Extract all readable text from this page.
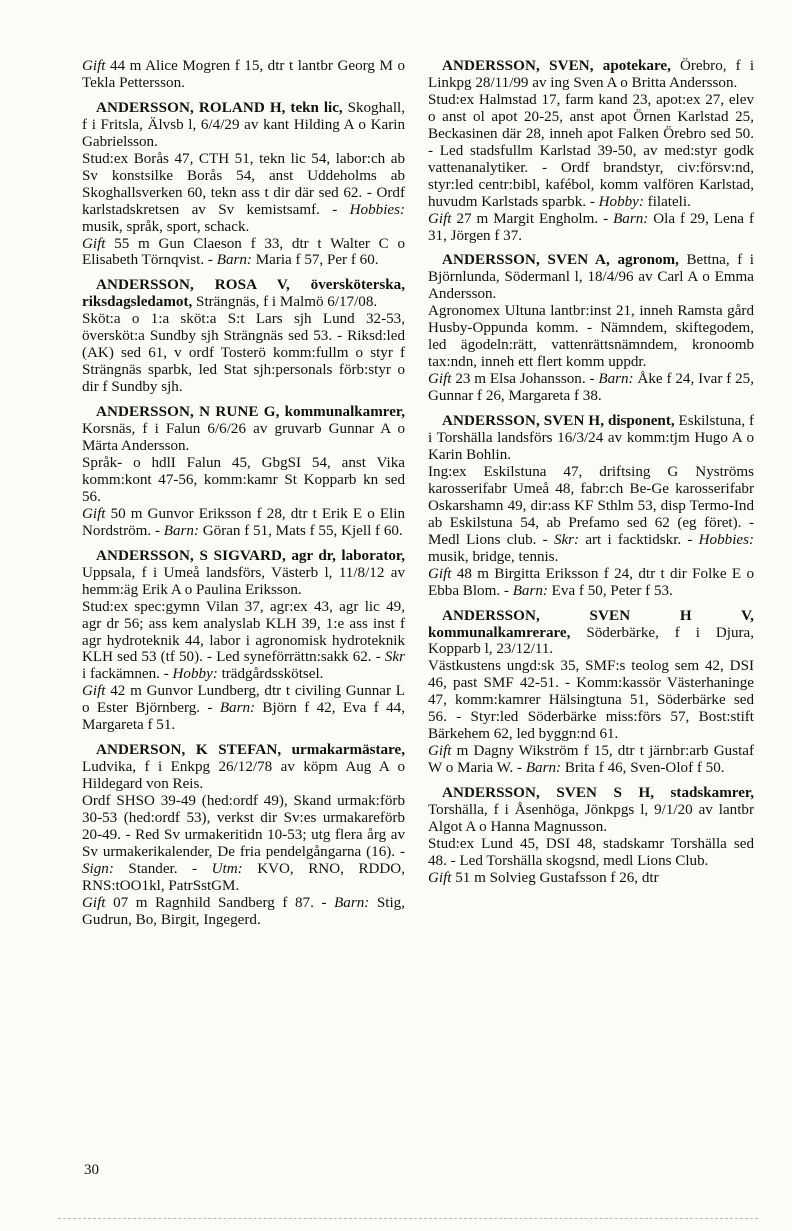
Gift 44 m Alice Mogren f 15, dtr t lantbr Georg M o Tekla Pettersson.

ANDERSSON, ROLAND H, tekn lic, Skoghall, f i Fritsla, Älvsb l, 6/4/29 av kant Hilding A o Karin Gabrielsson.

Stud:ex Borås 47, CTH 51, tekn lic 54, labor:ch ab Sv konstsilke Borås 54, anst Uddeholms ab Skoghallsverken 60, tekn ass t dir där sed 62. - Ordf karlstadskretsen av Sv kemistsamf. - Hobbies: musik, språk, sport, schack.

Gift 55 m Gun Claeson f 33, dtr t Walter C o Elisabeth Törnqvist. - Barn: Maria f 57, Per f 60.

ANDERSSON, ROSA V, översköterska, riksdagsledamot, Strängnäs, f i Malmö 6/17/08.

Sköt:a o 1:a sköt:a S:t Lars sjh Lund 32-53, översköt:a Sundby sjh Strängnäs sed 53. - Riksd:led (AK) sed 61, v ordf Tosterö komm:fullm o styr f Strängnäs sparbk, led Stat sjh:personals förb:styr o dir f Sundby sjh.

ANDERSSON, N RUNE G, kommunalkamrer, Korsnäs, f i Falun 6/6/26 av gruvarb Gunnar A o Märta Andersson.

Språk- o hdlI Falun 45, GbgSI 54, anst Vika komm:kont 47-56, komm:kamr St Kopparb kn sed 56.

Gift 50 m Gunvor Eriksson f 28, dtr t Erik E o Elin Nordström. - Barn: Göran f 51, Mats f 55, Kjell f 60.

ANDERSSON, S SIGVARD, agr dr, laborator, Uppsala, f i Umeå landsförs, Västerb l, 11/8/12 av hemm:äg Erik A o Paulina Eriksson.

Stud:ex spec:gymn Vilan 37, agr:ex 43, agr lic 49, agr dr 56; ass kem analyslab KLH 39, 1:e ass inst f agr hydroteknik 44, labor i agronomisk hydroteknik KLH sed 53 (tf 50). - Led syneförrättn:sakk 62. - Skr i fackämnen. - Hobby: trädgårdsskötsel.

Gift 42 m Gunvor Lundberg, dtr t civiling Gunnar L o Ester Björnberg. - Barn: Björn f 42, Eva f 44, Margareta f 51.

ANDERSON, K STEFAN, urmakarmästare, Ludvika, f i Enkpg 26/12/78 av köpm Aug A o Hildegard von Reis.

Ordf SHSO 39-49 (hed:ordf 49), Skand urmak:förb 30-53 (hed:ordf 53), verkst dir Sv:es urmakareförb 20-49. - Red Sv urmakeritidn 10-53; utg flera årg av Sv urmakerikalender, De fria pendelgångarna (16). - Sign: Stander. - Utm: KVO, RNO, RDDO, RNS:tOO1kl, PatrSstGM.

Gift 07 m Ragnhild Sandberg f 87. - Barn: Stig, Gudrun, Bo, Birgit, Ingegerd.

ANDERSSON, SVEN, apotekare, Örebro, f i Linkpg 28/11/99 av ing Sven A o Britta Andersson.

Stud:ex Halmstad 17, farm kand 23, apot:ex 27, elev o anst ol apot 20-25, anst apot Örnen Karlstad 25, Beckasinen där 28, inneh apot Falken Örebro sed 50. - Led stadsfullm Karlstad 39-50, av med:styr godk vattenanalytiker. - Ordf brandstyr, civ:försv:nd, styr:led centr:bibl, kafébol, komm valfören Karlstad, huvudm Karlstads sparbk. - Hobby: filateli.

Gift 27 m Margit Engholm. - Barn: Ola f 29, Lena f 31, Jörgen f 37.

ANDERSSON, SVEN A, agronom, Bettna, f i Björnlunda, Södermanl l, 18/4/96 av Carl A o Emma Andersson.

Agronomex Ultuna lantbr:inst 21, inneh Ramsta gård Husby-Oppunda komm. - Nämndem, skiftegodem, led ägodeln:rätt, vattenrättsnämndem, kronoomb tax:ndn, inneh ett flert komm uppdr.

Gift 23 m Elsa Johansson. - Barn: Åke f 24, Ivar f 25, Gunnar f 26, Margareta f 38.

ANDERSSON, SVEN H, disponent, Eskilstuna, f i Torshälla landsförs 16/3/24 av komm:tjm Hugo A o Karin Bohlin.

Ing:ex Eskilstuna 47, driftsing G Nyströms karosserifabr Umeå 48, fabr:ch Be-Ge karosserifabr Oskarshamn 49, dir:ass KF Sthlm 53, disp Termo-Ind ab Eskilstuna 54, ab Prefamo sed 62 (eg föret). - Medl Lions club. - Skr: art i facktidskr. - Hobbies: musik, bridge, tennis.

Gift 48 m Birgitta Eriksson f 24, dtr t dir Folke E o Ebba Blom. - Barn: Eva f 50, Peter f 53.

ANDERSSON, SVEN H V, kommunalkamrerare, Söderbärke, f i Djura, Kopparb l, 23/12/11.

Västkustens ungd:sk 35, SMF:s teolog sem 42, DSI 46, past SMF 42-51. - Komm:kassör Västerhaninge 47, komm:kamrer Hälsingtuna 51, Söderbärke sed 56. - Styr:led Söderbärke miss:förs 57, Bost:stift Bärkehem 62, led byggn:nd 61.

Gift m Dagny Wikström f 15, dtr t järnbr:arb Gustaf W o Maria W. - Barn: Brita f 46, Sven-Olof f 50.

ANDERSSON, SVEN S H, stadskamrer, Torshälla, f i Åsenhöga, Jönkpgs l, 9/1/20 av lantbr Algot A o Hanna Magnusson.

Stud:ex Lund 45, DSI 48, stadskamr Torshälla sed 48. - Led Torshälla skogsnd, medl Lions Club.

Gift 51 m Solvieg Gustafsson f 26, dtr

30
